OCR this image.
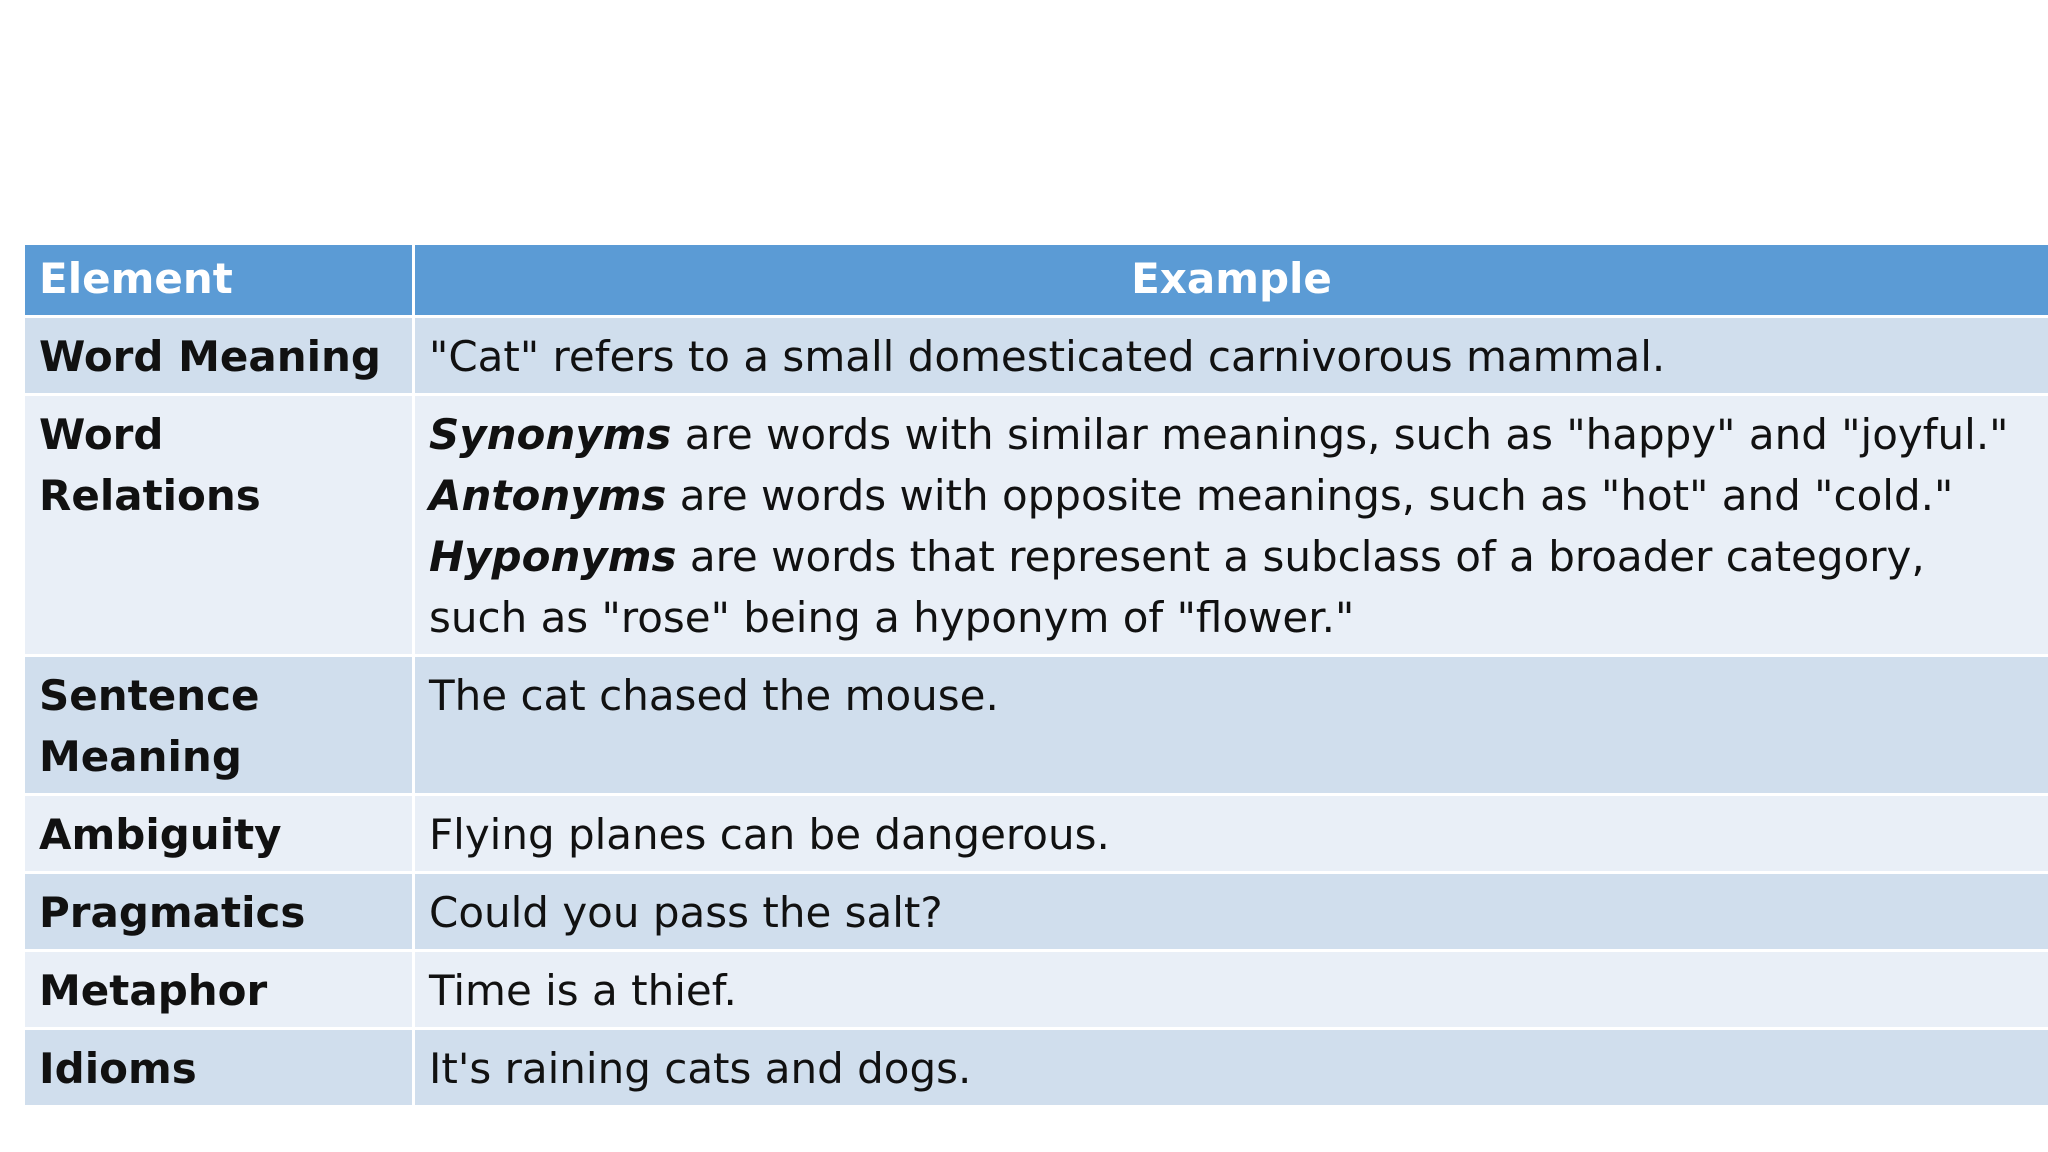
Element	Example
Word Meaning	"Cat" refers to a small domesticated carnivorous mammal.
Word Relations	Synonyms are words with similar meanings, such as "happy" and "joyful."
Antonyms are words with opposite meanings, such as "hot" and "cold."
Hyponyms are words that represent a subclass of a broader category, such as "rose" being a hyponym of "flower."

Sentence Meaning	The cat chased the mouse.
Ambiguity	Flying planes can be dangerous.
Pragmatics	Could you pass the salt?
Metaphor	Time is a thief.
Idioms	It's raining cats and dogs.
